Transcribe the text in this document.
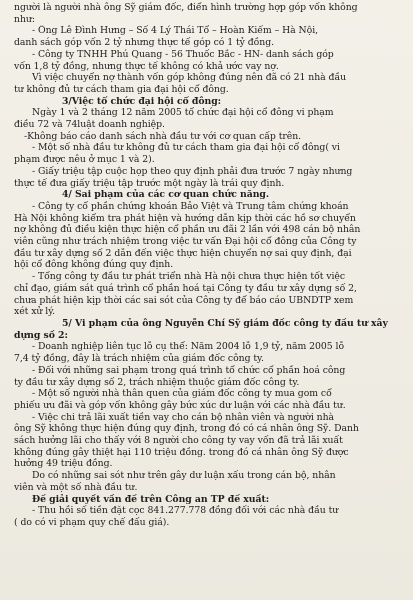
người là người nhà ông Sỹ giám đốc, điển hình trường hợp góp vốn không
như:
- Ông Lê Đình Hưng – Số 4 Lý Thái Tổ – Hoàn Kiếm – Hà Nội,
danh sách góp vốn 2 tỷ nhưng thực tế góp có 1 tỷ đồng.
- Công ty TNHH Phú Quang - 56 Thuốc Bắc - HN- danh sách góp
vốn 1,8 tỷ đồng, nhưng thực tế không có khả ước vay nợ.
Vì việc chuyển nợ thành vốn góp không đúng nên đã có 21 nhà đầu
tư không đủ tư cách tham gia đại hội cổ đông.
3/Việc tổ chức đại hội cổ đông:
Ngày 1 và 2 tháng 12 năm 2005 tổ chức đại hội cổ đông vi phạm
điều 72 và 74luật doanh nghiệp.
-Không báo cáo danh sách nhà đầu tư với cơ quan cấp trên.
- Một số nhà đầu tư không đủ tư cách tham gia đại hội cổ đông( vi
phạm được nêu ở mục 1 và 2).
- Giấy triệu tập cuộc họp theo quy định phải đưa trước 7 ngày nhưng
thực tế đưa giấy triệu tập trước một ngày là trái quy định.
4/ Sai phạm của các cơ quan chức năng.
- Công ty cổ phần chứng khoán Bảo Việt và Trung tâm chứng khoán
Hà Nội không kiểm tra phát hiện và hướng dẫn kịp thời các hồ sơ chuyển
nợ không đủ điều kiện thực hiện cổ phần ưu đãi 2 lần với 498 cán bộ nhân
viên cũng như trách nhiệm trong việc tư vấn Đại hội cổ đông của Công ty
đầu tư xây dựng số 2 dẫn đến việc thực hiện chuyển nợ sai quy định, đại
hội cổ đông không đúng quy định.
- Tổng công ty đầu tư phát triển nhà Hà nội chưa thực hiện tốt việc
chỉ đạo, giám sát quá trình cổ phần hoá tại Công ty đầu tư xây dựng số 2,
chưa phát hiện kịp thời các sai sót của Công ty để báo cáo UBNDTP xem
xét xử lý.
5/ Vi phạm của ông Nguyễn Chí Sỹ giám đốc công ty đầu tư xây
dựng số 2:
- Doanh nghiệp liên tục lỗ cụ thể: Năm 2004 lỗ 1,9 tỷ, năm 2005 lỗ
7,4 tỷ đồng, đây là trách nhiệm của giám đốc công ty.
- Đối với những sai phạm trong quá trình tổ chức cổ phần hoá công
ty đầu tư xây dựng số 2, trách nhiệm thuộc giám đốc công ty.
- Một số người nhà thân quen của giám đốc công ty mua gom cổ
phiếu ưu đãi và góp vốn không gây bức xúc dư luận với các nhà đầu tư.
- Việc chi trả lãi xuất tiền vay cho cán bộ nhân viên và người nhà
ông Sỹ không thực hiện đúng quy định, trong đó có cá nhân ông Sỹ. Danh
sách hưởng lãi cho thấy với 8 người cho công ty vay vốn đã trả lãi xuất
không đúng gây thiệt hại 110 triệu đồng. trong đó cá nhân ông Sỹ được
hưởng 49 triệu đồng.
Do có những sai sót như trên gây dư luận xấu trong cán bộ, nhân
viên và một số nhà đầu tư.
Đề giải quyết vấn đề trên Công an TP đề xuất:
- Thu hồi số tiền đặt cọc 841.277.778 đồng đối với các nhà đầu tư
( do có vi phạm quy chế đấu giá).
